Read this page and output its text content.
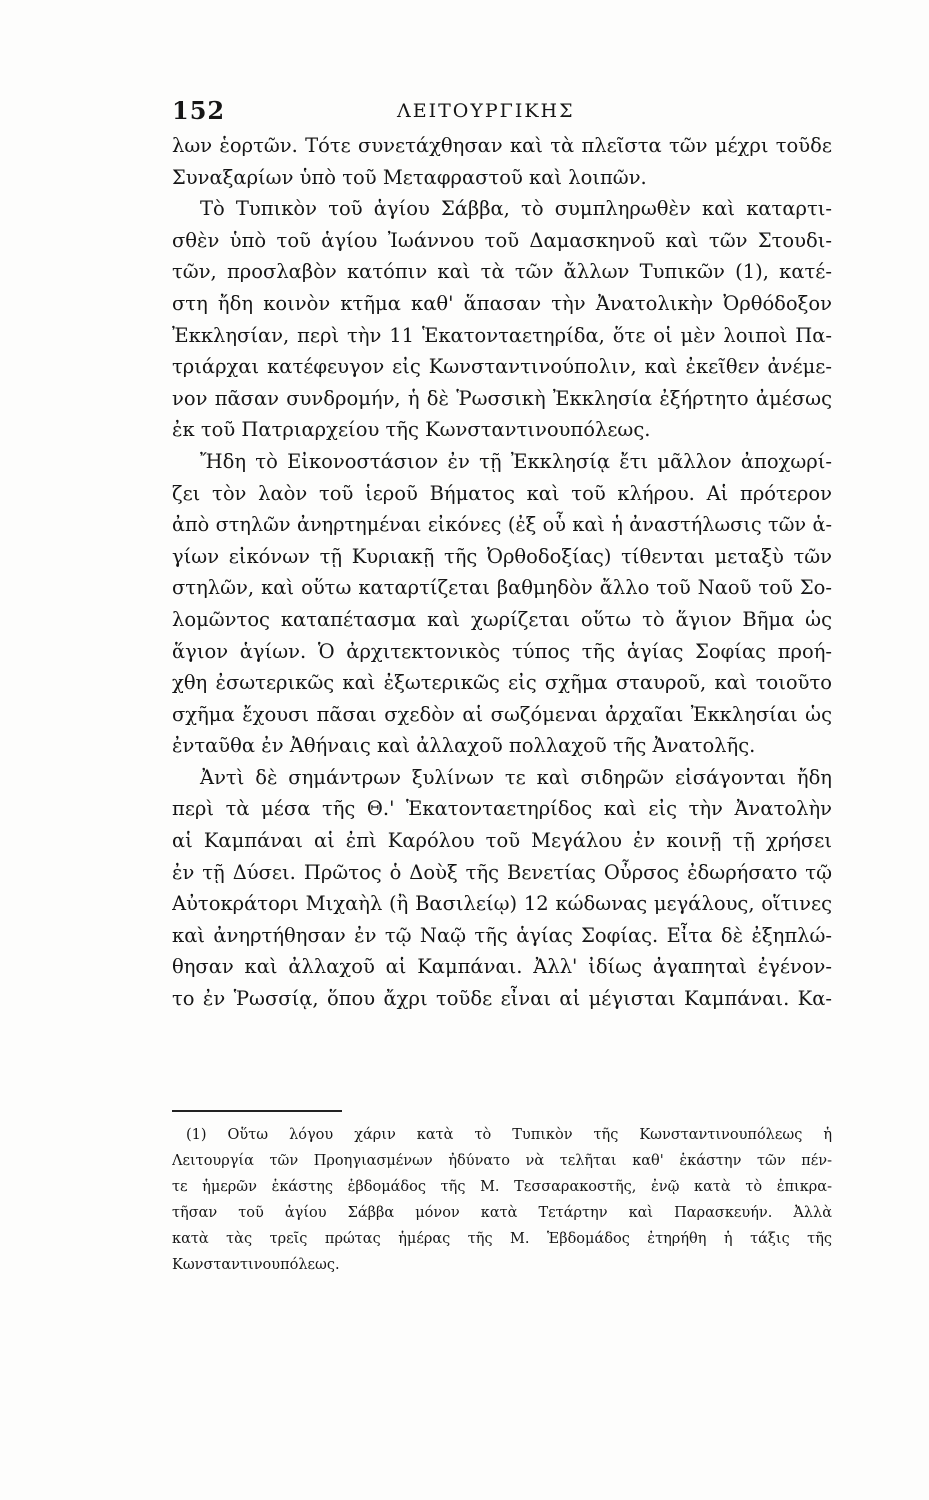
152	ΛΕΙΤΟΥΡΓΙΚΗΣ
λων ἑορτῶν. Τότε συνετάχθησαν καὶ τὰ πλεῖστα τῶν μέχρι τοῦδε
Συναξαρίων ὑπὸ τοῦ Μεταφραστοῦ καὶ λοιπῶν.
Τὸ Τυπικὸν τοῦ ἁγίου Σάββα, τὸ συμπληρωθὲν καὶ καταρτι-
σθὲν ὑπὸ τοῦ ἁγίου Ἰωάννου τοῦ Δαμασκηνοῦ καὶ τῶν Στουδι-
τῶν, προσλαβὸν κατόπιν καὶ τὰ τῶν ἄλλων Τυπικῶν (1), κατέ-
στη ἤδη κοινὸν κτῆμα καθ' ἅπασαν τὴν Ἀνατολικὴν Ὀρθόδοξον
Ἐκκλησίαν, περὶ τὴν 11 Ἑκατονταετηρίδα, ὅτε οἱ μὲν λοιποὶ Πα-
τριάρχαι κατέφευγον εἰς Κωνσταντινούπολιν, καὶ ἐκεῖθεν ἀνέμε-
νον πᾶσαν συνδρομήν, ἡ δὲ Ῥωσσικὴ Ἐκκλησία ἐξήρτητο ἀμέσως
ἐκ τοῦ Πατριαρχείου τῆς Κωνσταντινουπόλεως.
Ἤδη τὸ Εἰκονοστάσιον ἐν τῇ Ἐκκλησίᾳ ἔτι μᾶλλον ἀποχωρί-
ζει τὸν λαὸν τοῦ ἱεροῦ Βήματος καὶ τοῦ κλήρου. Αἱ πρότερον
ἀπὸ στηλῶν ἀνηρτημέναι εἰκόνες (ἐξ οὗ καὶ ἡ ἀναστήλωσις τῶν ἁ-
γίων εἰκόνων τῇ Κυριακῇ τῆς Ὀρθοδοξίας) τίθενται μεταξὺ τῶν
στηλῶν, καὶ οὕτω καταρτίζεται βαθμηδὸν ἄλλο τοῦ Ναοῦ τοῦ Σο-
λομῶντος καταπέτασμα καὶ χωρίζεται οὕτω τὸ ἅγιον Βῆμα ὡς
ἅγιον ἁγίων. Ὁ ἀρχιτεκτονικὸς τύπος τῆς ἁγίας Σοφίας προή-
χθη ἐσωτερικῶς καὶ ἐξωτερικῶς εἰς σχῆμα σταυροῦ, καὶ τοιοῦτο
σχῆμα ἔχουσι πᾶσαι σχεδὸν αἱ σωζόμεναι ἀρχαῖαι Ἐκκλησίαι ὡς
ἐνταῦθα ἐν Ἀθήναις καὶ ἀλλαχοῦ πολλαχοῦ τῆς Ἀνατολῆς.
Ἀντὶ δὲ σημάντρων ξυλίνων τε καὶ σιδηρῶν εἰσάγονται ἤδη
περὶ τὰ μέσα τῆς Θ.' Ἑκατονταετηρίδος καὶ εἰς τὴν Ἀνατολὴν
αἱ Καμπάναι αἱ ἐπὶ Καρόλου τοῦ Μεγάλου ἐν κοινῇ τῇ χρήσει
ἐν τῇ Δύσει. Πρῶτος ὁ Δοὺξ τῆς Βενετίας Οὖρσος ἐδωρήσατο τῷ
Αὐτοκράτορι Μιχαὴλ (ἢ Βασιλείῳ) 12 κώδωνας μεγάλους, οἵτινες
καὶ ἀνηρτήθησαν ἐν τῷ Ναῷ τῆς ἁγίας Σοφίας. Εἶτα δὲ ἐξηπλώ-
θησαν καὶ ἀλλαχοῦ αἱ Καμπάναι. Ἀλλ' ἰδίως ἀγαπηταὶ ἐγένον-
το ἐν Ῥωσσίᾳ, ὅπου ἄχρι τοῦδε εἶναι αἱ μέγισται Καμπάναι. Κα-
(1) Οὕτω λόγου χάριν κατὰ τὸ Τυπικὸν τῆς Κωνσταντινουπόλεως ἡ
Λειτουργία τῶν Προηγιασμένων ἠδύνατο νὰ τελῆται καθ' ἑκάστην τῶν πέν-
τε ἡμερῶν ἑκάστης ἑβδομάδος τῆς Μ. Τεσσαρακοστῆς, ἐνῷ κατὰ τὸ ἐπικρα-
τῆσαν τοῦ ἁγίου Σάββα μόνον κατὰ Τετάρτην καὶ Παρασκευήν. Ἀλλὰ
κατὰ τὰς τρεῖς πρώτας ἡμέρας τῆς Μ. Ἑβδομάδος ἐτηρήθη ἡ τάξις τῆς
Κωνσταντινουπόλεως.
